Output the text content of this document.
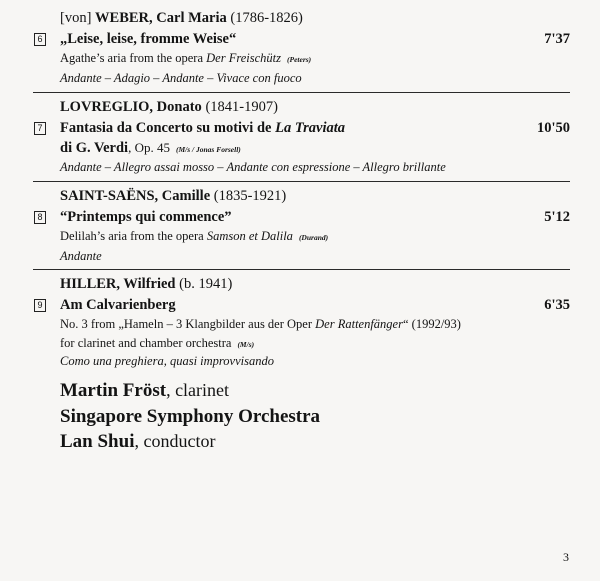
[von] WEBER, Carl Maria (1786-1826)
6 „Leise, leise, fromme Weise“	7'37
Agathe’s aria from the opera Der Freischütz (Peters)
Andante – Adagio – Andante – Vivace con fuoco
LOVREGLIO, Donato (1841-1907)
7 Fantasia da Concerto su motivi de La Traviata	10'50
di G. Verdi, Op. 45 (M/s / Jonas Forsell)
Andante – Allegro assai mosso – Andante con espressione – Allegro brillante
SAINT-SAËNS, Camille (1835-1921)
8 “Printemps qui commence”	5'12
Delilah’s aria from the opera Samson et Dalila (Durand)
Andante
HILLER, Wilfried (b. 1941)
9 Am Calvarienberg	6'35
No. 3 from „Hameln – 3 Klangbilder aus der Oper Der Rattenfänger“ (1992/93)
for clarinet and chamber orchestra (M/s)
Como una preghiera, quasi improvvisando
Martin Fröst, clarinet
Singapore Symphony Orchestra
Lan Shui, conductor
3
